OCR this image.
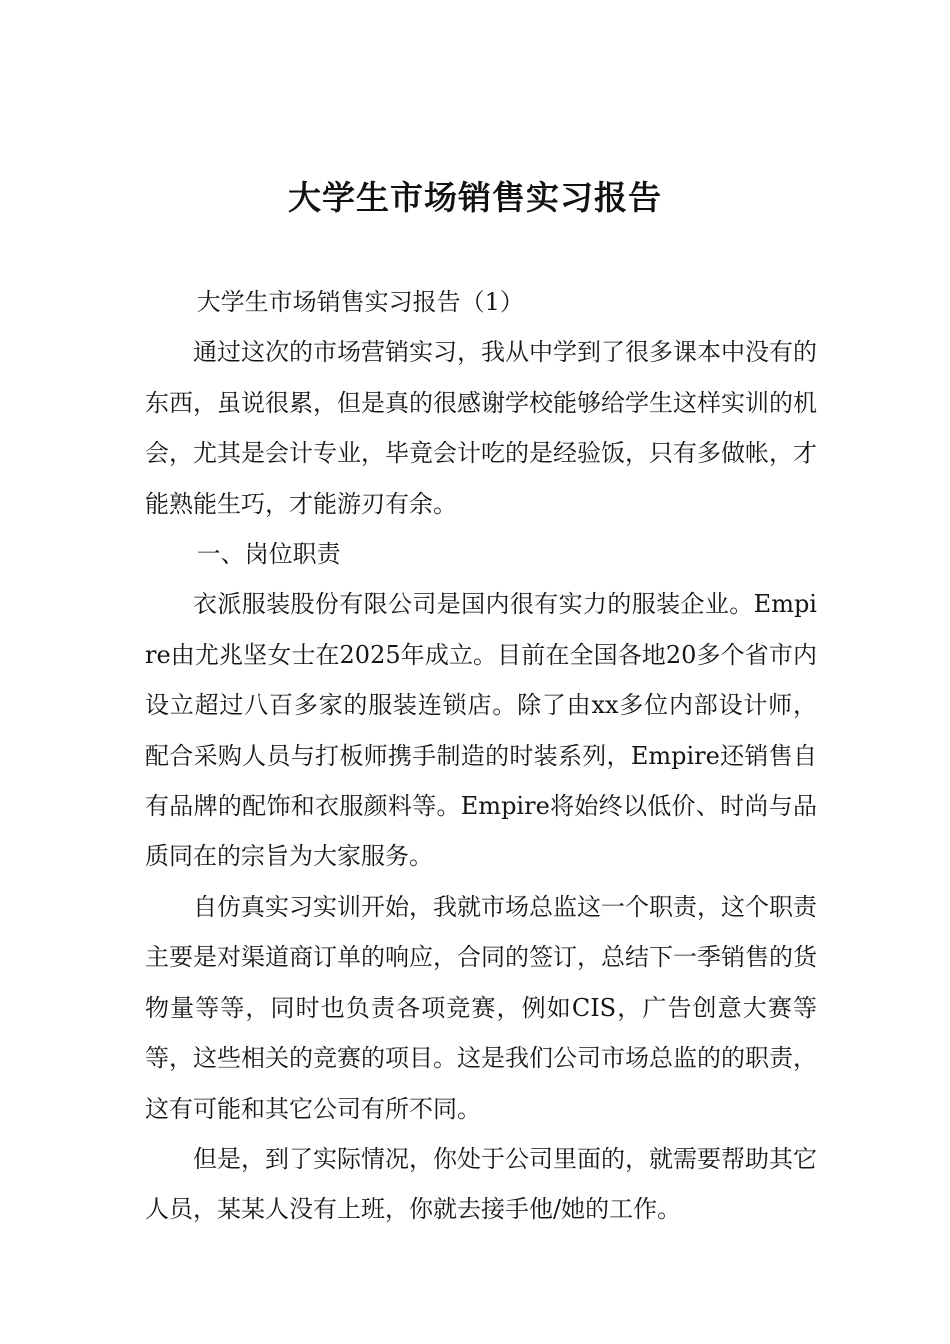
大学生市场销售实习报告

大学生市场销售实习报告（1）

通过这次的市场营销实习，我从中学到了很多课本中没有的东西，虽说很累，但是真的很感谢学校能够给学生这样实训的机会，尤其是会计专业，毕竟会计吃的是经验饭，只有多做帐，才能熟能生巧，才能游刃有余。

一、岗位职责

衣派服装股份有限公司是国内很有实力的服装企业。Empire由尤兆坚女士在2025年成立。目前在全国各地20多个省市内设立超过八百多家的服装连锁店。除了由xx多位内部设计师，配合采购人员与打板师携手制造的时装系列，Empire还销售自有品牌的配饰和衣服颜料等。Empire将始终以低价、时尚与品质同在的宗旨为大家服务。

自仿真实习实训开始，我就市场总监这一个职责，这个职责主要是对渠道商订单的响应，合同的签订，总结下一季销售的货物量等等，同时也负责各项竞赛，例如CIS，广告创意大赛等等，这些相关的竞赛的项目。这是我们公司市场总监的的职责，这有可能和其它公司有所不同。

但是，到了实际情况，你处于公司里面的，就需要帮助其它人员，某某人没有上班，你就去接手他/她的工作。
